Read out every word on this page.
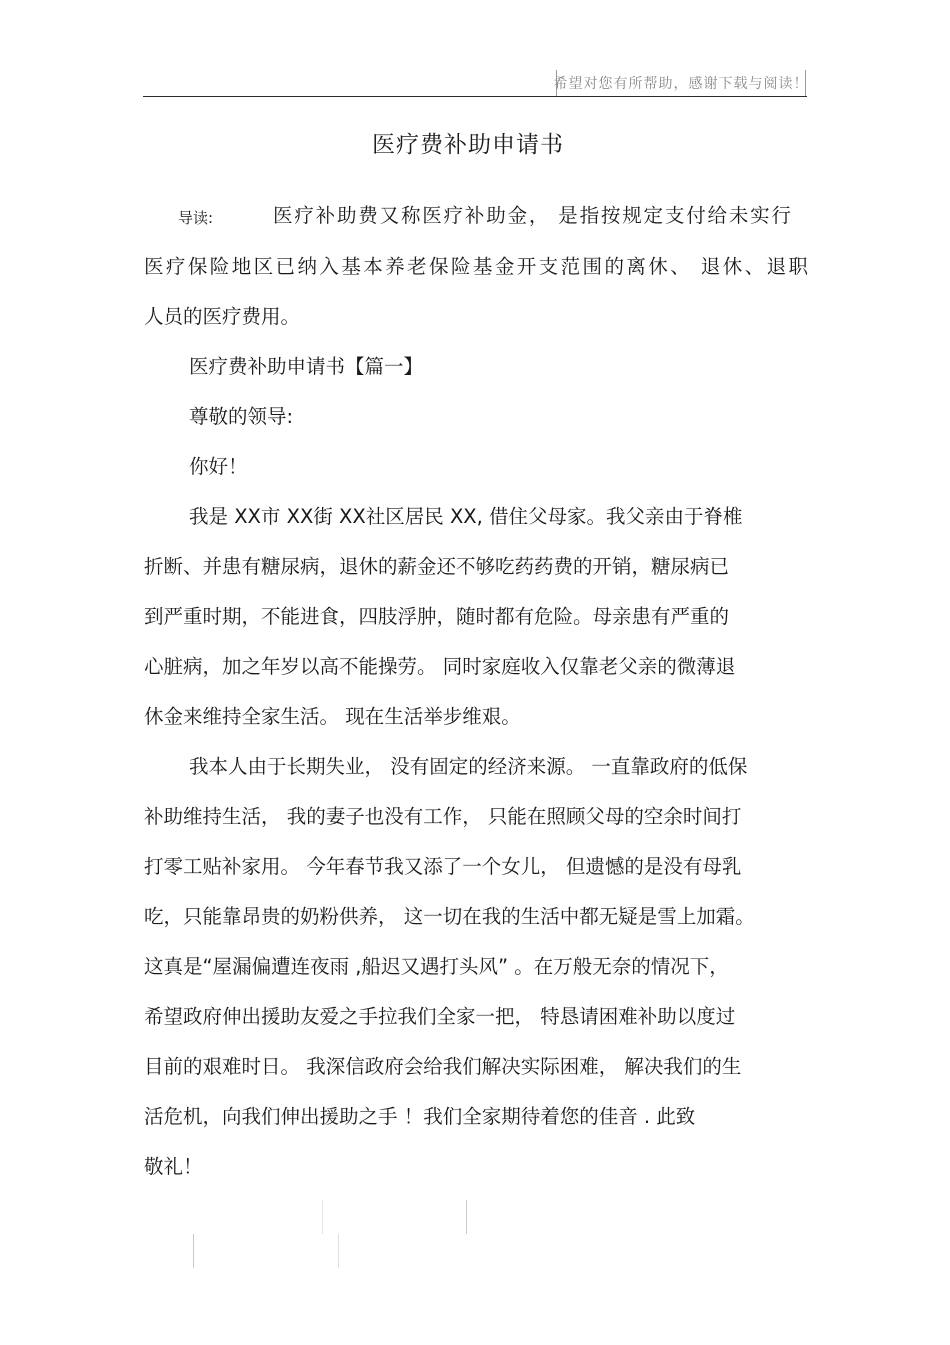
希望对您有所帮助，感谢下载与阅读！
医疗费补助申请书
导读:	医疗补助费又称医疗补助金， 是指按规定支付给未实行
医疗保险地区已纳入基本养老保险基金开支范围的离休、 退休、退职
人员的医疗费用。
医疗费补助申请书【篇一】
尊敬的领导:
你好！
我是 XX市 XX街 XX社区居民 XX, 借住父母家。我父亲由于脊椎
折断、并患有糖尿病，退休的薪金还不够吃药药费的开销，糖尿病已
到严重时期，不能进食，四肢浮肿，随时都有危险。母亲患有严重的
心脏病，加之年岁以高不能操劳。 同时家庭收入仅靠老父亲的微薄退
休金来维持全家生活。 现在生活举步维艰。
我本人由于长期失业， 没有固定的经济来源。 一直靠政府的低保
补助维持生活， 我的妻子也没有工作， 只能在照顾父母的空余时间打
打零工贴补家用。 今年春节我又添了一个女儿， 但遗憾的是没有母乳
吃，只能靠昂贵的奶粉供养， 这一切在我的生活中都无疑是雪上加霜。
这真是“屋漏偏遭连夜雨 ,船迟又遇打头风” 。在万般无奈的情况下，
希望政府伸出援助友爱之手拉我们全家一把， 特恳请困难补助以度过
目前的艰难时日。 我深信政府会给我们解决实际困难， 解决我们的生
活危机，向我们伸出援助之手 ！我们全家期待着您的佳音 . 此致
敬礼！
